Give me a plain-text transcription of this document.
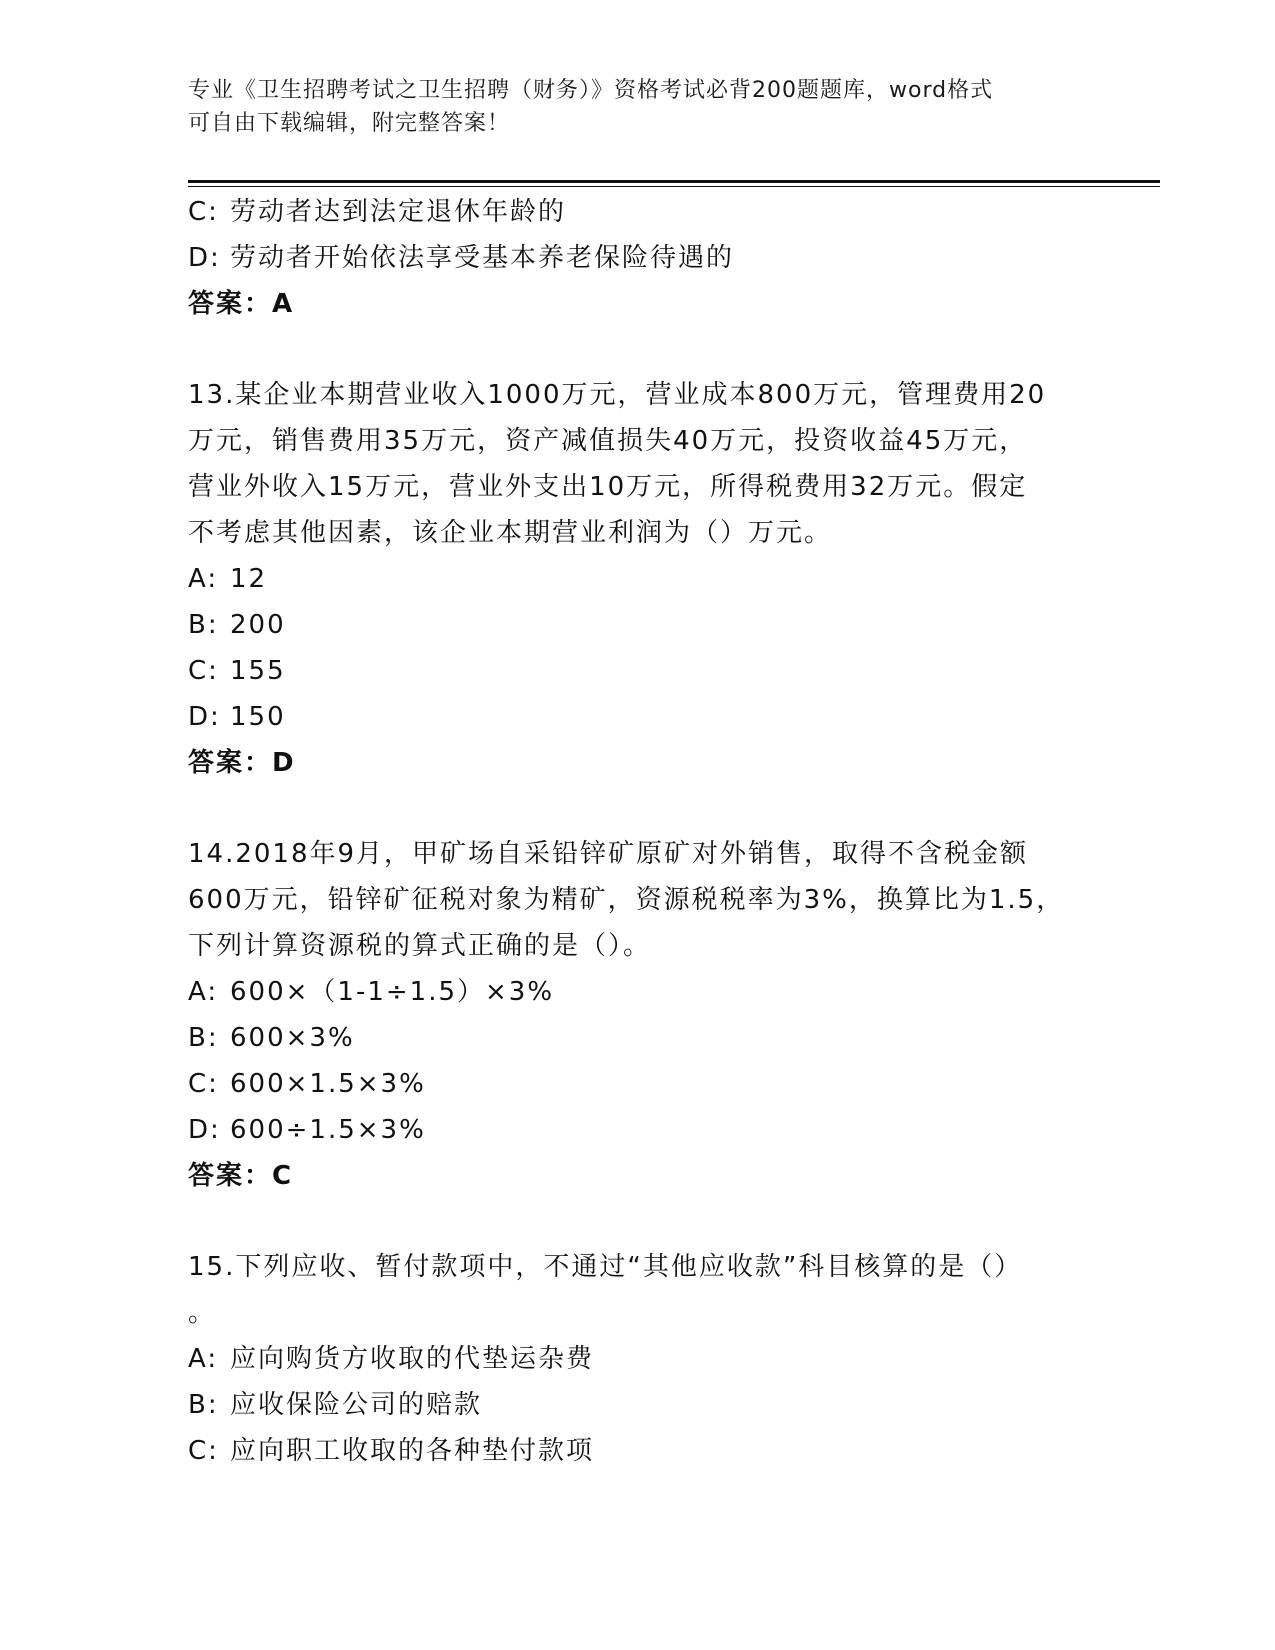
专业《卫生招聘考试之卫生招聘（财务）》资格考试必背200题题库，word格式
可自由下载编辑，附完整答案！
C: 劳动者达到法定退休年龄的
D: 劳动者开始依法享受基本养老保险待遇的
答案： A
13.某企业本期营业收入1000万元，营业成本800万元，管理费用20
万元，销售费用35万元，资产减值损失40万元，投资收益45万元，
营业外收入15万元，营业外支出10万元，所得税费用32万元。假定
不考虑其他因素，该企业本期营业利润为（）万元。
A: 12
B: 200
C: 155
D: 150
答案： D
14.2018年9月，甲矿场自采铅锌矿原矿对外销售，取得不含税金额
600万元，铅锌矿征税对象为精矿，资源税税率为3%，换算比为1.5，
下列计算资源税的算式正确的是（）。
A: 600×（1-1÷1.5）×3%
B: 600×3%
C: 600×1.5×3%
D: 600÷1.5×3%
答案： C
15.下列应收、暂付款项中，不通过“其他应收款”科目核算的是（）
。
A: 应向购货方收取的代垫运杂费
B: 应收保险公司的赔款
C: 应向职工收取的各种垫付款项
